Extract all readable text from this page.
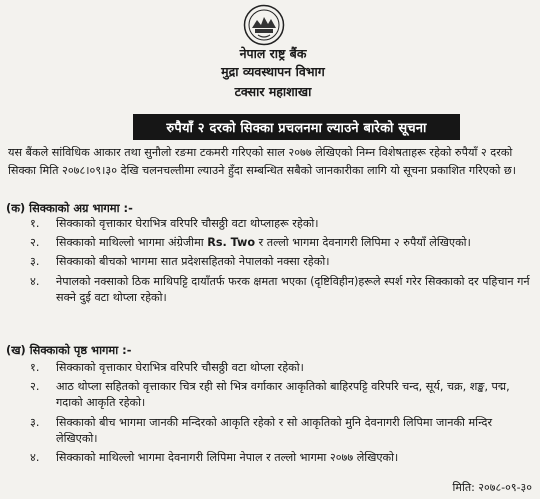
नेपाल राष्ट्र बैंक
मुद्रा व्यवस्थापन विभाग
टक्सार महाशाखा
रुपैयाँ २ दरको सिक्का प्रचलनमा ल्याउने बारेको सूचना
यस बैंकले सांविधिक आकार तथा सुनौलो रङमा टकमरी गरिएको साल २०७७ लेखिएको निम्न विशेषताहरू रहेको रुपैयाँ २ दरको सिक्का मिति २०७८।०९।३० देखि चलनचल्तीमा ल्याउने हुँदा सम्बन्धित सबैको जानकारीका लागि यो सूचना प्रकाशित गरिएको छ।
(क) सिक्काको अग्र भागमा :-
१.	सिक्काको वृत्ताकार घेराभित्र वरिपरि चौसठ्ठी वटा थोप्लाहरू रहेको।
२.	सिक्काको माथिल्लो भागमा अंग्रेजीमा Rs. Two र तल्लो भागमा देवनागरी लिपिमा २ रुपैयाँ लेखिएको।
३.	सिक्काको बीचको भागमा सात प्रदेशसहितको नेपालको नक्सा रहेको।
४.	नेपालको नक्साको ठिक माथिपट्टि दायाँतर्फ फरक क्षमता भएका (दृष्टिविहीन)हरूले स्पर्श गरेर सिक्काको दर पहिचान गर्न सक्ने दुई वटा थोप्ला रहेको।
(ख) सिक्काको पृष्ठ भागमा :-
१.	सिक्काको वृत्ताकार घेराभित्र वरिपरि चौसठ्ठी वटा थोप्ला रहेको।
२.	आठ थोप्ला सहितको वृत्ताकार चित्र रही सो भित्र वर्गाकार आकृतिको बाहिरपट्टि वरिपरि चन्द, सूर्य, चक्र, शङ्ख, पद्म, गदाको आकृति रहेको।
३.	सिक्काको बीच भागमा जानकी मन्दिरको आकृति रहेको र सो आकृतिको मुनि देवनागरी लिपिमा जानकी मन्दिर लेखिएको।
४.	सिक्काको माथिल्लो भागमा देवनागरी लिपिमा नेपाल र तल्लो भागमा २०७७ लेखिएको।
मिति: २०७८-०९-३०
